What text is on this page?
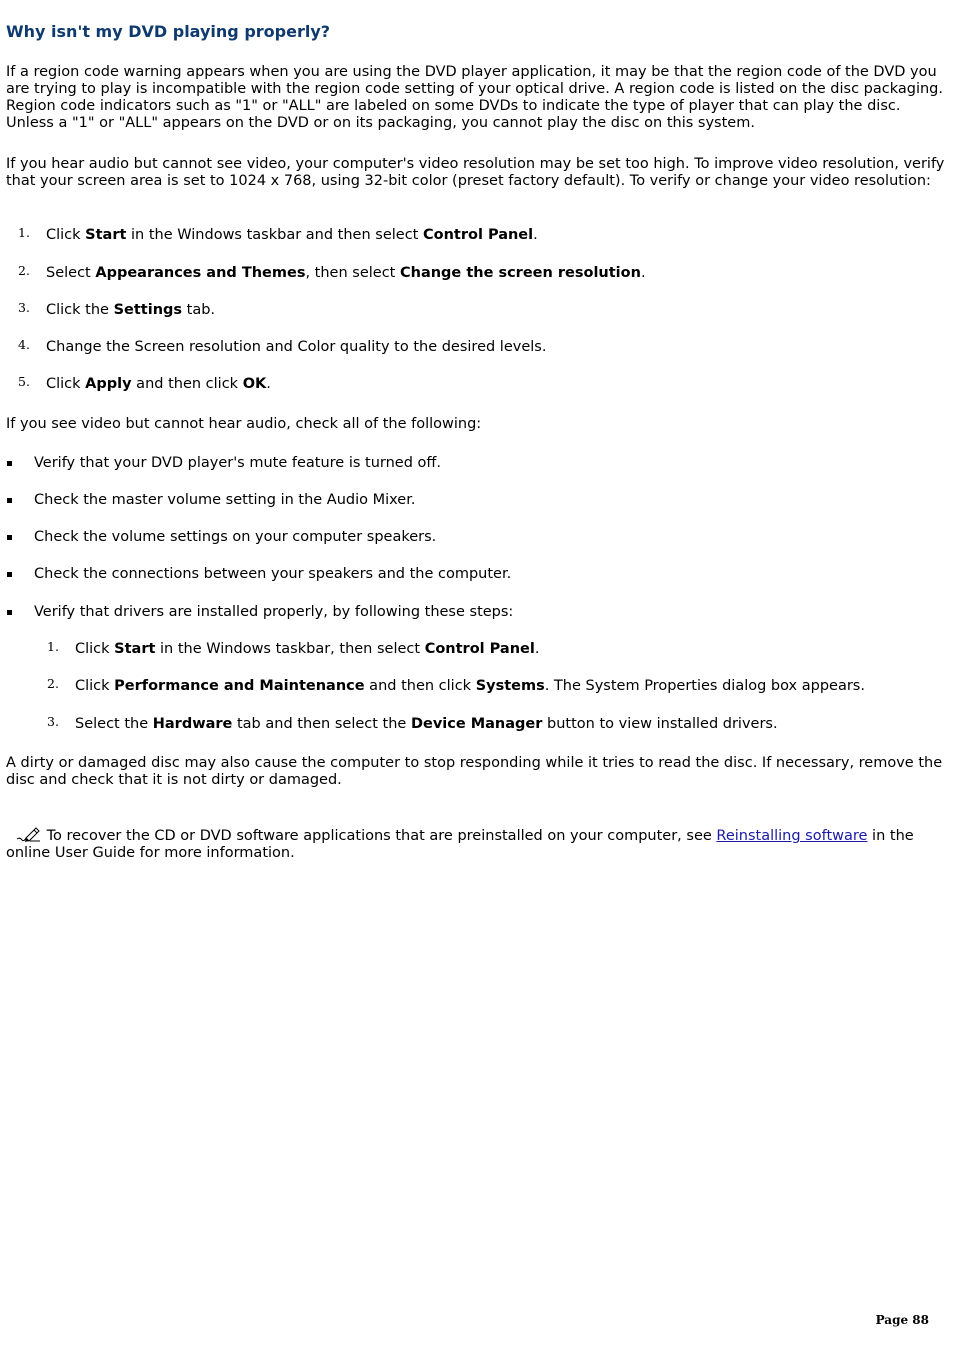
Why isn't my DVD playing properly?

If a region code warning appears when you are using the DVD player application, it may be that the region code of the DVD you are trying to play is incompatible with the region code setting of your optical drive. A region code is listed on the disc packaging. Region code indicators such as "1" or "ALL" are labeled on some DVDs to indicate the type of player that can play the disc. Unless a "1" or "ALL" appears on the DVD or on its packaging, you cannot play the disc on this system.

If you hear audio but cannot see video, your computer's video resolution may be set too high. To improve video resolution, verify that your screen area is set to 1024 x 768, using 32-bit color (preset factory default). To verify or change your video resolution:

1. Click Start in the Windows taskbar and then select Control Panel.
2. Select Appearances and Themes, then select Change the screen resolution.
3. Click the Settings tab.
4. Change the Screen resolution and Color quality to the desired levels.
5. Click Apply and then click OK.

If you see video but cannot hear audio, check all of the following:

Verify that your DVD player's mute feature is turned off.
Check the master volume setting in the Audio Mixer.
Check the volume settings on your computer speakers.
Check the connections between your speakers and the computer.
Verify that drivers are installed properly, by following these steps:
1. Click Start in the Windows taskbar, then select Control Panel.
2. Click Performance and Maintenance and then click Systems. The System Properties dialog box appears.
3. Select the Hardware tab and then select the Device Manager button to view installed drivers.

A dirty or damaged disc may also cause the computer to stop responding while it tries to read the disc. If necessary, remove the disc and check that it is not dirty or damaged.

To recover the CD or DVD software applications that are preinstalled on your computer, see Reinstalling software in the online User Guide for more information.

Page 88
